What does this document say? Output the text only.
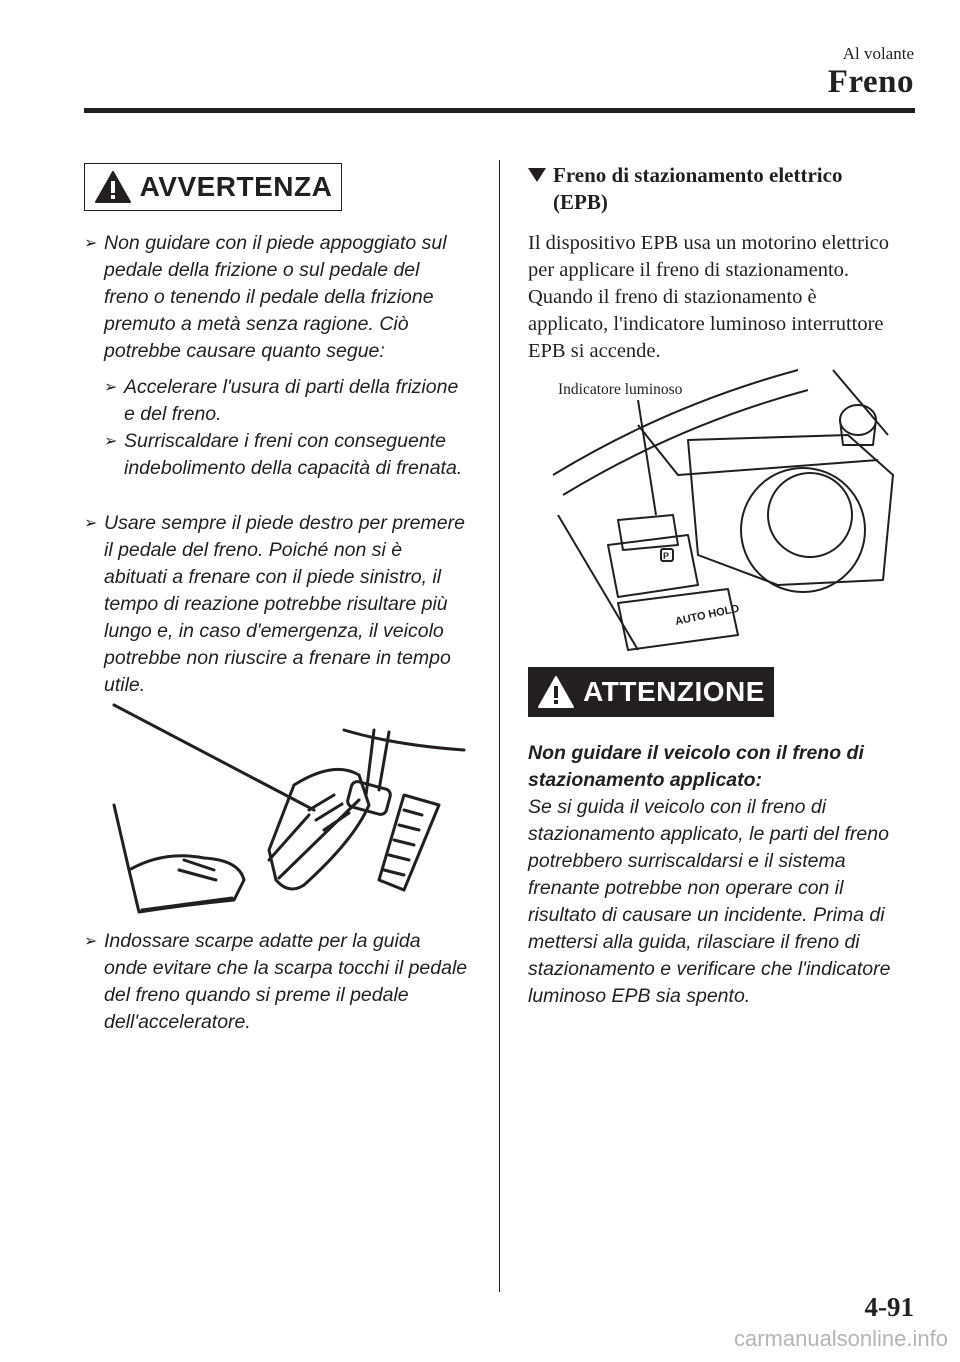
Al volante
Freno
AVVERTENZA
➢ Non guidare con il piede appoggiato sul pedale della frizione o sul pedale del freno o tenendo il pedale della frizione premuto a metà senza ragione. Ciò potrebbe causare quanto segue:
➢ Accelerare l'usura di parti della frizione e del freno.
➢ Surriscaldare i freni con conseguente indebolimento della capacità di frenata.
➢ Usare sempre il piede destro per premere il pedale del freno. Poiché non si è abituati a frenare con il piede sinistro, il tempo di reazione potrebbe risultare più lungo e, in caso d'emergenza, il veicolo potrebbe non riuscire a frenare in tempo utile.
➢ Indossare scarpe adatte per la guida onde evitare che la scarpa tocchi il pedale del freno quando si preme il pedale dell'acceleratore.
Freno di stazionamento elettrico (EPB)
Il dispositivo EPB usa un motorino elettrico per applicare il freno di stazionamento. Quando il freno di stazionamento è applicato, l'indicatore luminoso interruttore EPB si accende.
AUTO HOLD
P
Indicatore luminoso
ATTENZIONE
Non guidare il veicolo con il freno di stazionamento applicato:
Se si guida il veicolo con il freno di stazionamento applicato, le parti del freno potrebbero surriscaldarsi e il sistema frenante potrebbe non operare con il risultato di causare un incidente. Prima di mettersi alla guida, rilasciare il freno di stazionamento e verificare che l'indicatore luminoso EPB sia spento.
4-91
carmanualsonline.info
